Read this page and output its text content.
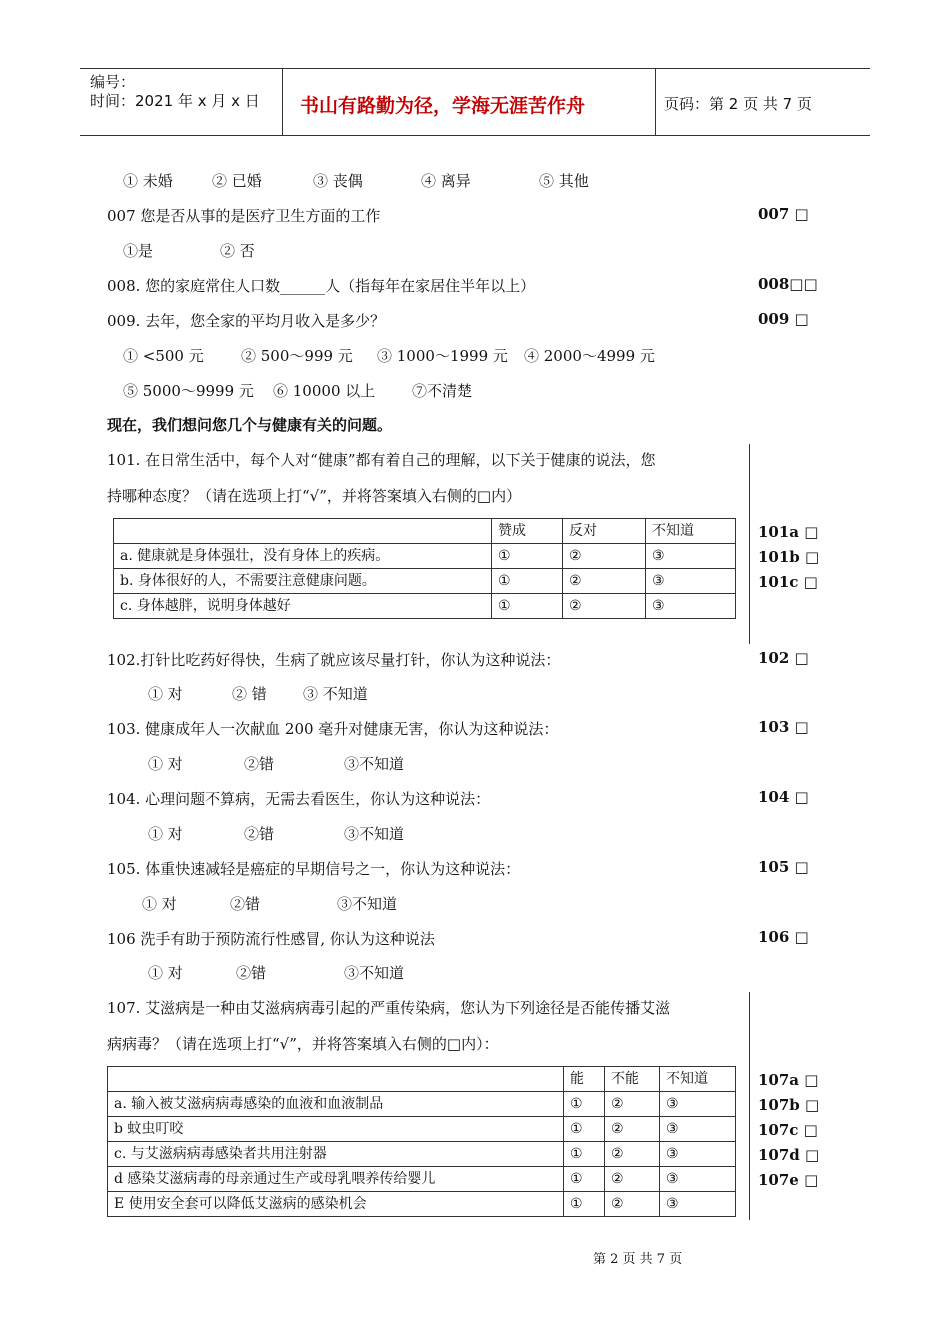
编号：
时间：2021 年 x 月 x 日 书山有路勤为径，学海无涯苦作舟	页码：第 2 页 共 7 页
① 未婚	② 已婚	③ 丧偶	④ 离异	⑤ 其他
007 您是否从事的是医疗卫生方面的工作	007 □
①是	② 否
008. 您的家庭常住人口数______人（指每年在家居住半年以上）	008□□
009. 去年，您全家的平均月收入是多少？	009 □
① <500 元 ② 500～999 元 ③ 1000～1999 元 ④ 2000～4999 元
⑤ 5000～9999 元 ⑥ 10000 以上 ⑦不清楚
现在，我们想问您几个与健康有关的问题。
101. 在日常生活中，每个人对“健康”都有着自己的理解，以下关于健康的说法，您
持哪种态度？（请在选项上打“√”，并将答案填入右侧的□内）
	赞成	反对	不知道
a. 健康就是身体强壮，没有身体上的疾病。	①	②	③
b. 身体很好的人，不需要注意健康问题。	①	②	③
c. 身体越胖，说明身体越好	①	②	③
101a □
101b □
101c □
102.打针比吃药好得快，生病了就应该尽量打针，你认为这种说法：	102 □
① 对	② 错 ③ 不知道
103. 健康成年人一次献血 200 毫升对健康无害，你认为这种说法：	103 □
① 对	②错	③不知道
104. 心理问题不算病，无需去看医生，你认为这种说法：	104 □
① 对	②错	③不知道
105. 体重快速减轻是癌症的早期信号之一，你认为这种说法：	105 □
① 对	②错	③不知道
106 洗手有助于预防流行性感冒, 你认为这种说法	106 □
① 对	②错	③不知道
107. 艾滋病是一种由艾滋病病毒引起的严重传染病，您认为下列途径是否能传播艾滋
病病毒？（请在选项上打“√”，并将答案填入右侧的□内）：
	能	不能	不知道
a. 输入被艾滋病病毒感染的血液和血液制品	①	②	③
b 蚊虫叮咬	①	②	③
c. 与艾滋病病毒感染者共用注射器	①	②	③
d 感染艾滋病毒的母亲通过生产或母乳喂养传给婴儿	①	②	③
E 使用安全套可以降低艾滋病的感染机会	①	②	③
107a □
107b □
107c □
107d □
107e □
第 2 页 共 7 页
